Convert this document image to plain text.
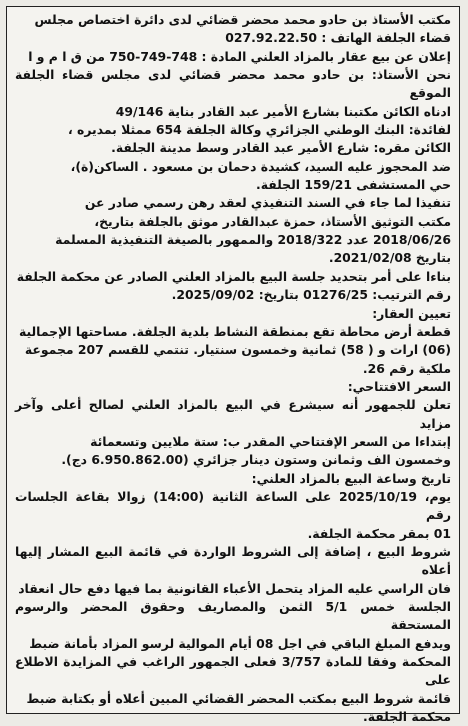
مكتب الأستاذ بن حادو محمد محضر قضائي لدى دائرة اختصاص مجلس
قضاء الجلفة الهاتف : 027.92.22.50

إعلان عن بيع عقار بالمزاد العلني المادة : 748-749-750 من ق ا م و ا

نحن الأستاذ: بن حادو محمد محضر قضائي لدى مجلس قضاء الجلفة الموقع
ادناه الكائن مكتبنا بشارع الأمير عبد القادر بناية 49/146
لفائدة: البنك الوطني الجزائري وكالة الجلفة 654 ممثلا بمديره ،
الكائن مقره: شارع الأمير عبد القادر وسط مدينة الجلفة.

ضد المحجوز عليه السيد، كشيدة دحمان بن مسعود . الساكن(ة)،
حي المستشفى 159/21 الجلفة.

تنفيذا لما جاء في السند التنفيذي لعقد رهن رسمي صادر عن
مكتب التوثيق الأستاذ، حمزة عبدالقادر موثق بالجلفة بتاريخ،
2018/06/26 عدد 2018/322 والممهور بالصيغة التنفيذية المسلمة
بتاريخ 2021/02/08.

بناءا على أمر بتحديد جلسة البيع بالمزاد العلني الصادر عن محكمة الجلفة
رقم الترتيب: 01276/25 بتاريخ: 2025/09/02.

تعيين العقار:

قطعة أرض محاطة تقع بمنطقة النشاط بلدية الجلفة. مساحتها الإجمالية
(06) ارات و ( 58) ثمانية وخمسون سنتيار. تنتمي للقسم 207 مجموعة
ملكية رقم 26.

السعر الافتتاحي:

تعلن للجمهور أنه سيشرع في البيع بالمزاد العلني لصالح أعلى وآخر مزايد
إبتداءا من السعر الإفتتاحي المقدر ب: ستة ملايين وتسعمائة
وخمسون الف وثمانن وستون دينار جزائري (6.950.862.00 دج).

تاريخ وساعة البيع بالمزاد العلني:

يوم، 2025/10/19 على الساعة الثانية (14:00) زوالا بقاعة الجلسات رقم
01 بمقر محكمة الجلفة.

شروط البيع ، إضافة إلى الشروط الواردة في قائمة البيع المشار إليها أعلاه
فان الراسي عليه المزاد يتحمل الأعباء القانونية بما فيها دفع حال انعقاد
الجلسة خمس 5/1 الثمن والمصاريف وحقوق المحضر والرسوم المستحقة
ويدفع المبلغ الباقي في اجل 08 أيام الموالية لرسو المزاد بأمانة ضبط
المحكمة وفقا للمادة 3/757 فعلى الجمهور الراغب في المزايدة الاطلاع على
قائمة شروط البيع بمكتب المحضر القضائي المبين أعلاه أو بكتابة ضبط
محكمة الجلفة.
